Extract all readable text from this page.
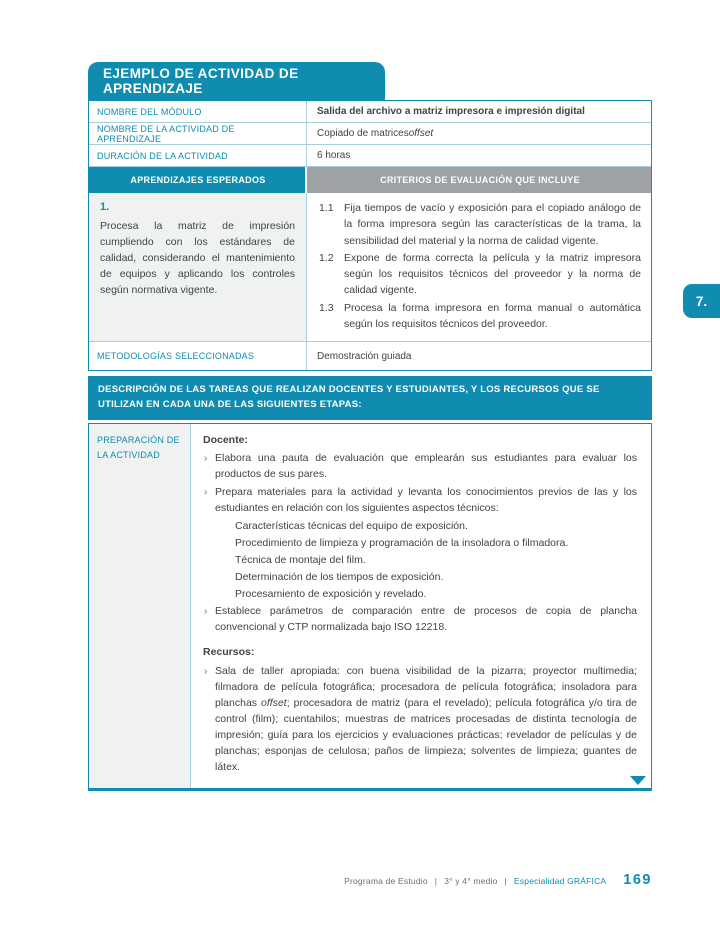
EJEMPLO DE ACTIVIDAD DE APRENDIZAJE
NOMBRE DEL MÓDULO	Salida del archivo a matriz impresora e impresión digital
NOMBRE DE LA ACTIVIDAD DE APRENDIZAJE	Copiado de matrices offset
DURACIÓN DE LA ACTIVIDAD	6 horas
APRENDIZAJES ESPERADOS	CRITERIOS DE EVALUACIÓN QUE INCLUYE
1.

Procesa la matriz de impresión cumpliendo con los estándares de calidad, considerando el mantenimiento de equipos y aplicando los controles según normativa vigente.

1.1 Fija tiempos de vacío y exposición para el copiado análogo de la forma impresora según las características de la trama, la sensibilidad del material y la norma de calidad vigente.
1.2 Expone de forma correcta la película y la matriz impresora según los requisitos técnicos del proveedor y la norma de calidad vigente.
1.3 Procesa la forma impresora en forma manual o automática según los requisitos técnicos del proveedor.
METODOLOGÍAS SELECCIONADAS	Demostración guiada
DESCRIPCIÓN DE LAS TAREAS QUE REALIZAN DOCENTES Y ESTUDIANTES, Y LOS RECURSOS QUE SE UTILIZAN EN CADA UNA DE LAS SIGUIENTES ETAPAS:
PREPARACIÓN DE LA ACTIVIDAD
Docente:
› Elabora una pauta de evaluación que emplearán sus estudiantes para evaluar los productos de sus pares.
› Prepara materiales para la actividad y levanta los conocimientos previos de las y los estudiantes en relación con los siguientes aspectos técnicos:
Características técnicas del equipo de exposición.
Procedimiento de limpieza y programación de la insoladora o filmadora.
Técnica de montaje del film.
Determinación de los tiempos de exposición.
Procesamiento de exposición y revelado.
› Establece parámetros de comparación entre de procesos de copia de plancha convencional y CTP normalizada bajo ISO 12218.
Recursos:
› Sala de taller apropiada: con buena visibilidad de la pizarra; proyector multimedia; filmadora de película fotográfica; procesadora de película fotográfica; insoladora para planchas offset; procesadora de matriz (para el revelado); película fotográfica y/o tira de control (film); cuentahilos; muestras de matrices procesadas de distinta tecnología de impresión; guía para los ejercicios y evaluaciones prácticas; revelador de películas y de planchas; esponjas de celulosa; paños de limpieza; solventes de limpieza; guantes de látex.
7.
Programa de Estudio | 3° y 4° medio | Especialidad GRÁFICA 169
